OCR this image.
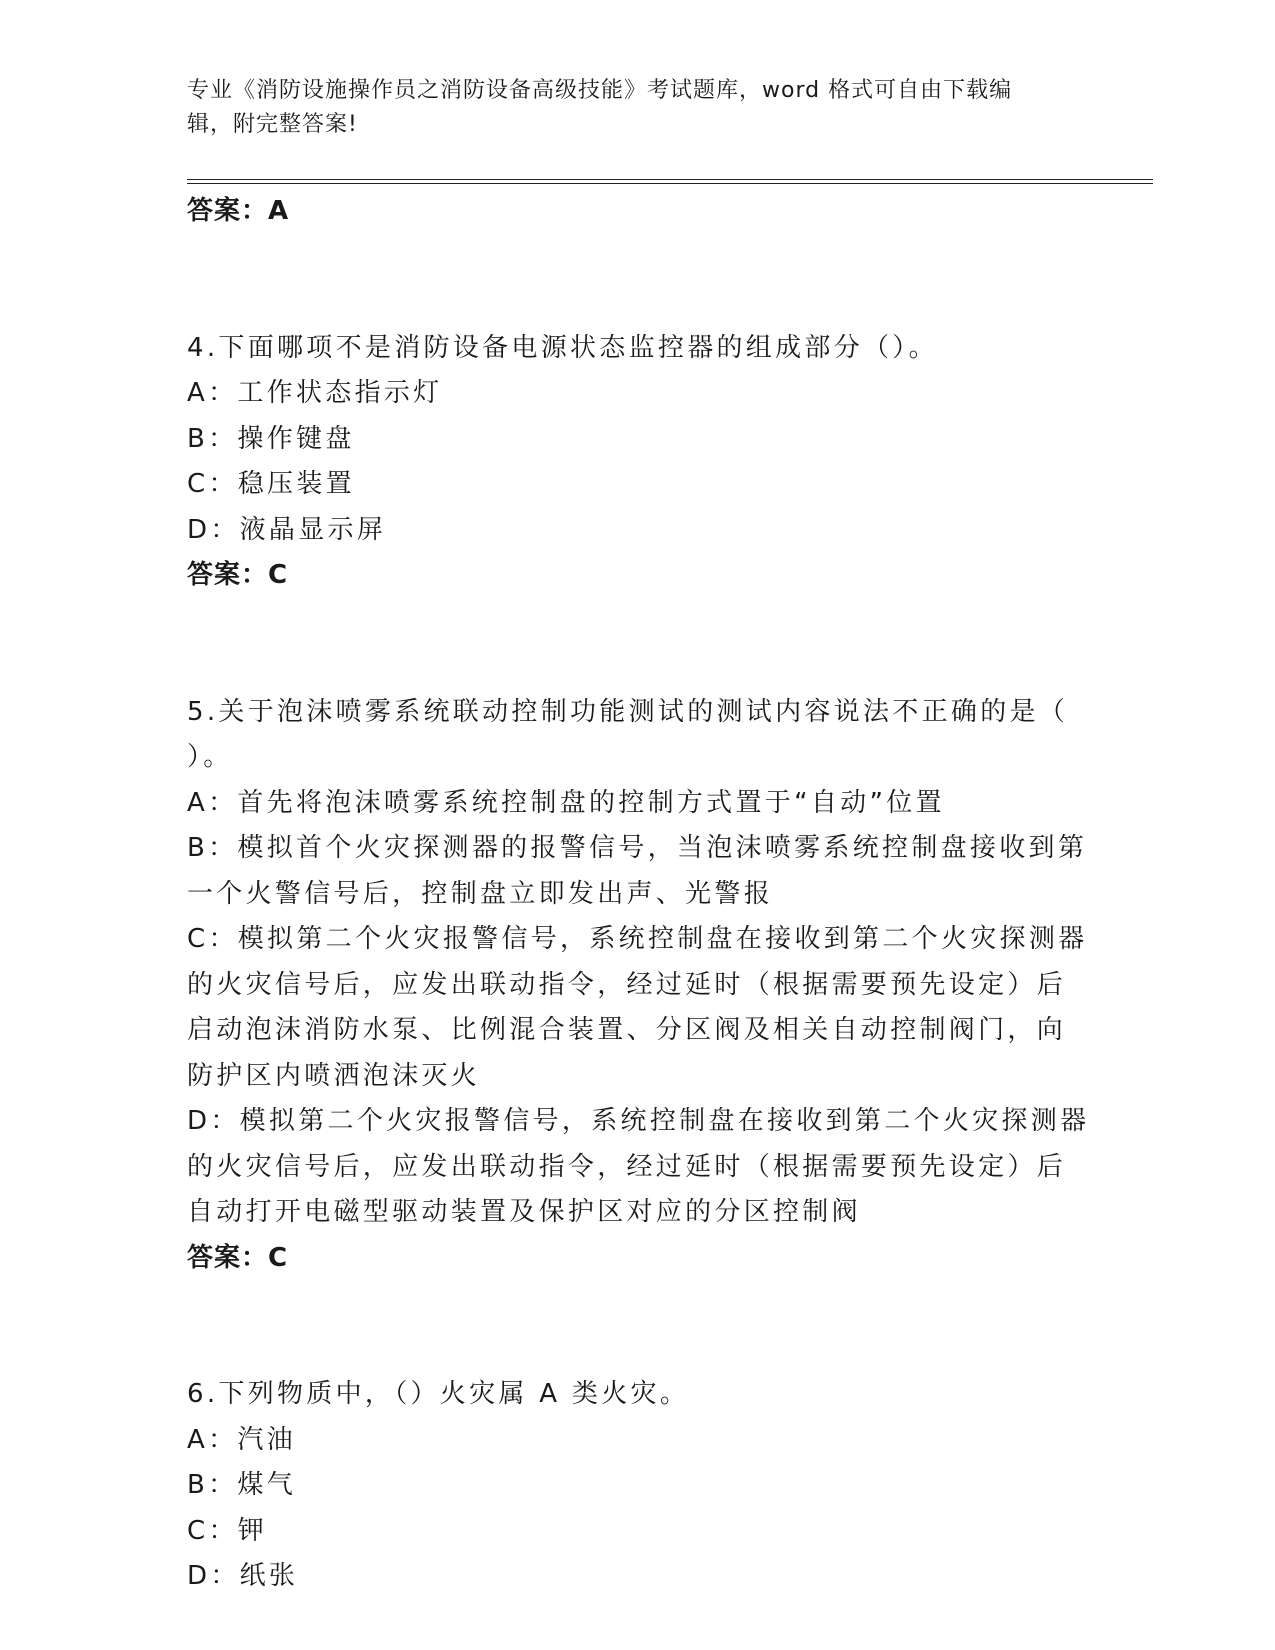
专业《消防设施操作员之消防设备高级技能》考试题库，word 格式可自由下载编
辑，附完整答案!
答案：A
4.下面哪项不是消防设备电源状态监控器的组成部分（）。
A：工作状态指示灯
B：操作键盘
C：稳压装置
D：液晶显示屏
答案：C
5.关于泡沫喷雾系统联动控制功能测试的测试内容说法不正确的是（
）。
A：首先将泡沫喷雾系统控制盘的控制方式置于“自动”位置
B：模拟首个火灾探测器的报警信号，当泡沫喷雾系统控制盘接收到第
一个火警信号后，控制盘立即发出声、光警报
C：模拟第二个火灾报警信号，系统控制盘在接收到第二个火灾探测器
的火灾信号后，应发出联动指令，经过延时（根据需要预先设定）后
启动泡沫消防水泵、比例混合装置、分区阀及相关自动控制阀门，向
防护区内喷洒泡沫灭火
D：模拟第二个火灾报警信号，系统控制盘在接收到第二个火灾探测器
的火灾信号后，应发出联动指令，经过延时（根据需要预先设定）后
自动打开电磁型驱动装置及保护区对应的分区控制阀
答案：C
6.下列物质中，（）火灾属 A 类火灾。
A：汽油
B：煤气
C：钾
D：纸张
